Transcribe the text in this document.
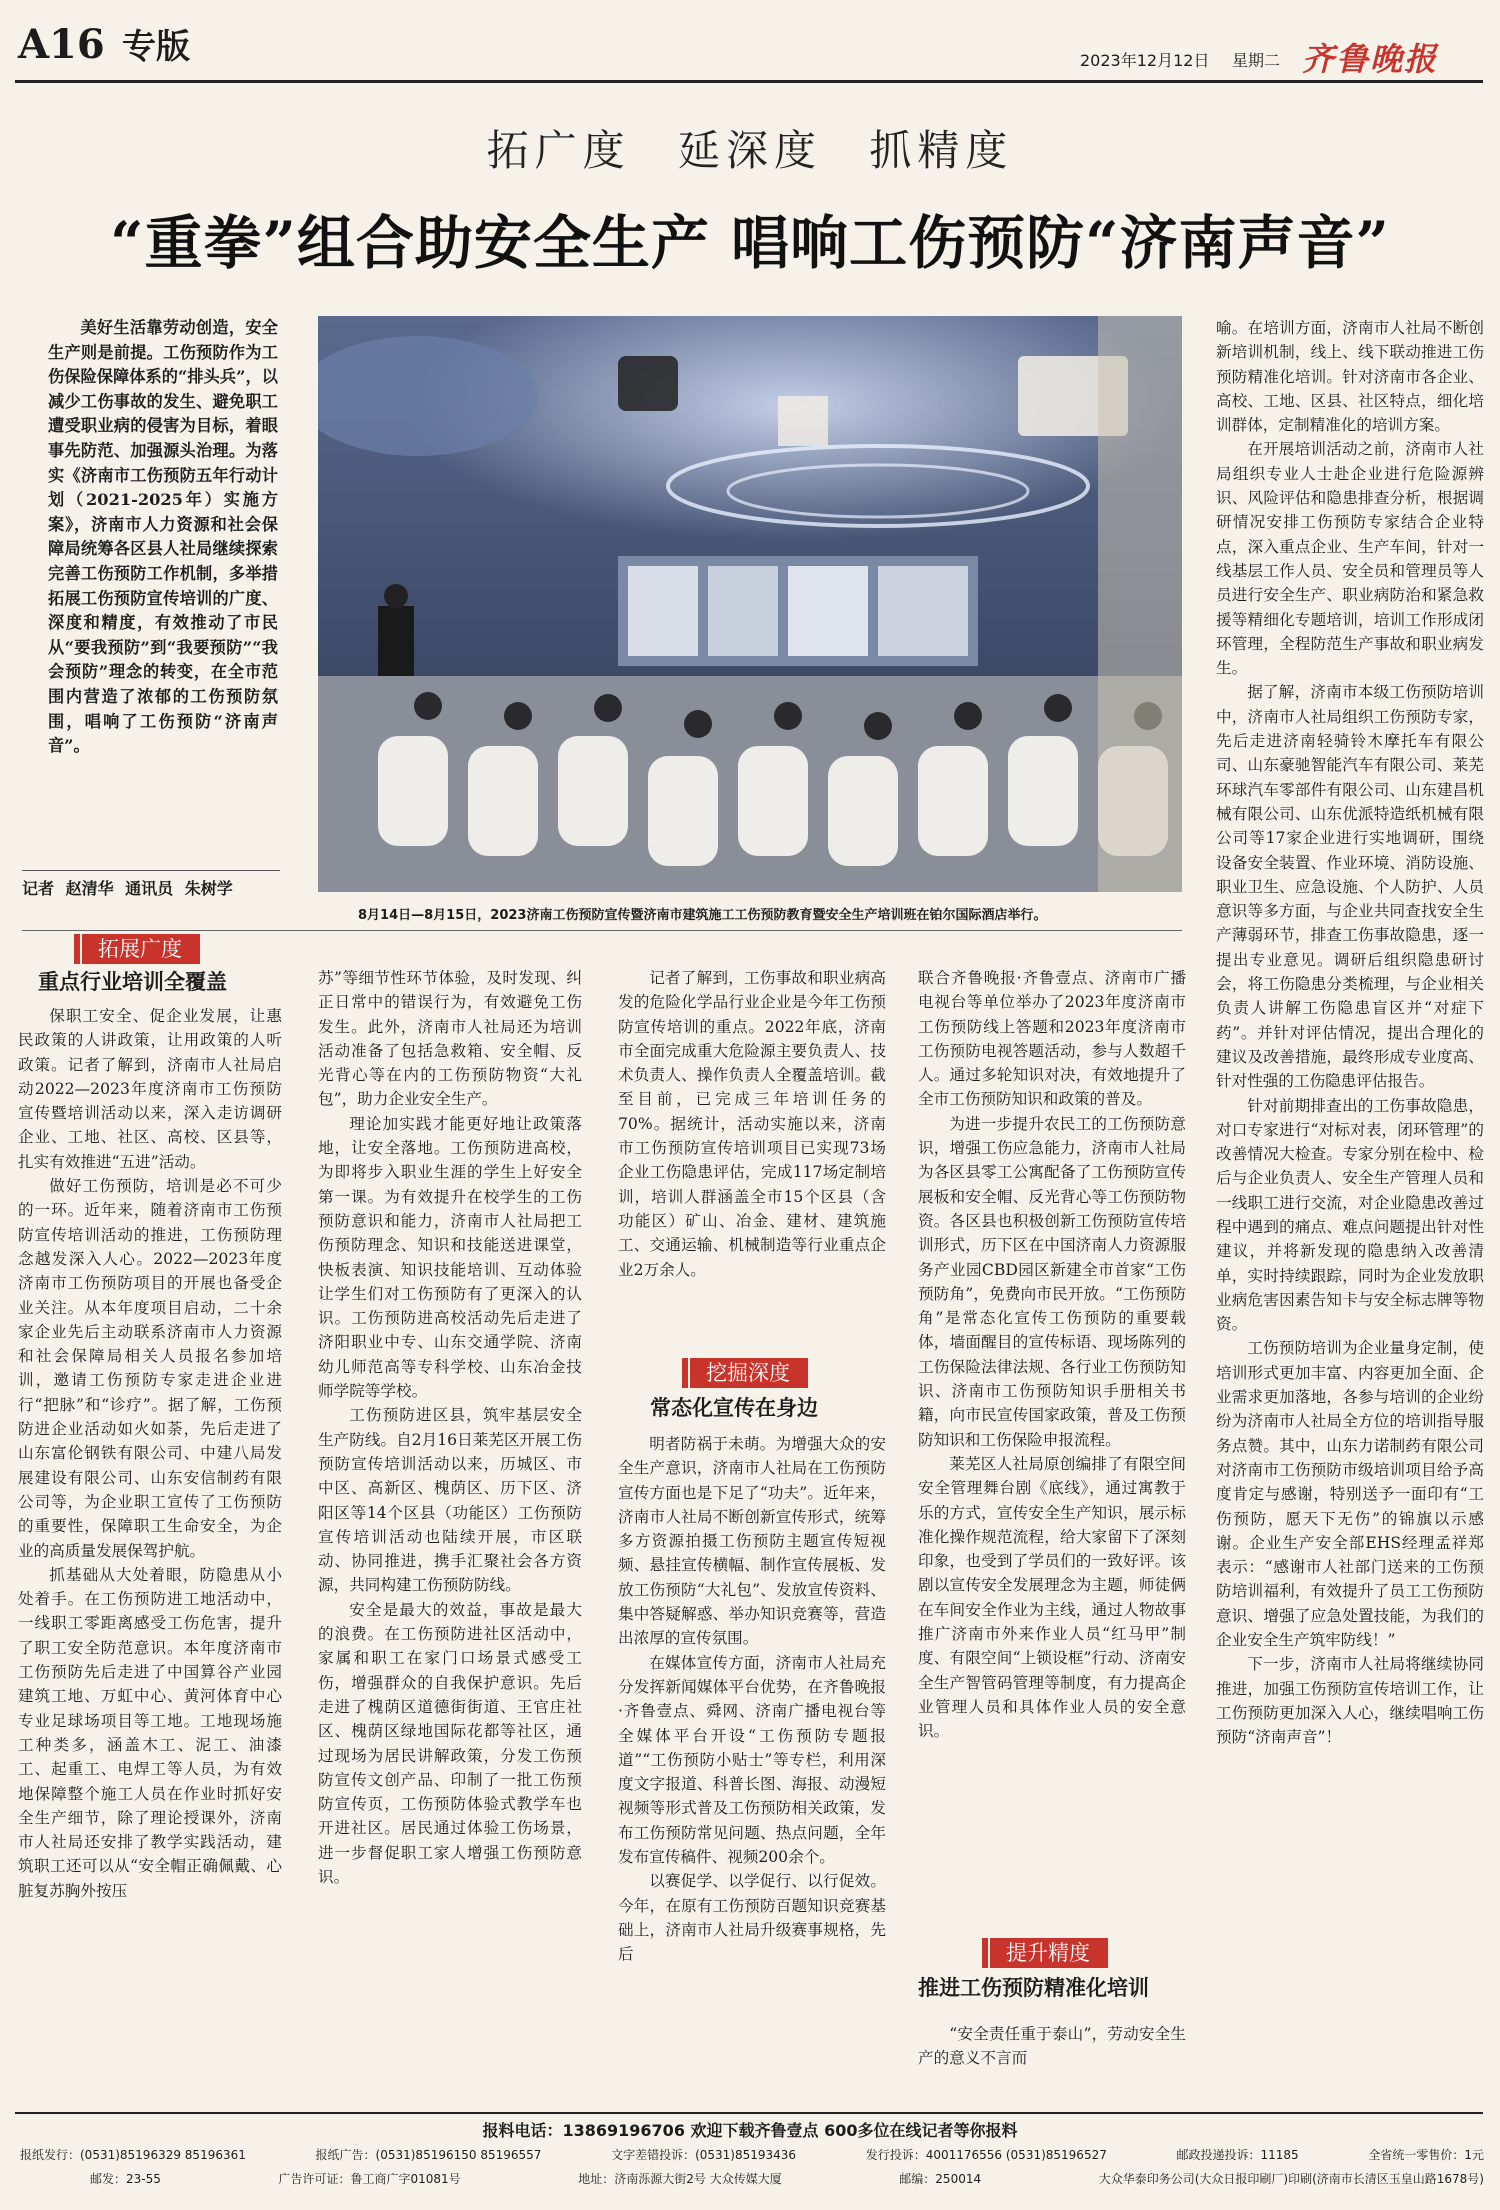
A16 专版	2023年12月12日 星期二 齐鲁晚报
拓广度 延深度 抓精度
“重拳”组合助安全生产 唱响工伤预防“济南声音”

美好生活靠劳动创造，安全生产则是前提。工伤预防作为工伤保险保障体系的“排头兵”，以减少工伤事故的发生、避免职工遭受职业病的侵害为目标，着眼事先防范、加强源头治理。为落实《济南市工伤预防五年行动计划（2021-2025年）实施方案》，济南市人力资源和社会保障局统筹各区县人社局继续探索完善工伤预防工作机制，多举措拓展工伤预防宣传培训的广度、深度和精度，有效推动了市民从“要我预防”到“我要预防”“我会预防”理念的转变，在全市范围内营造了浓郁的工伤预防氛围，唱响了工伤预防“济南声音”。

记者 赵清华 通讯员 朱树学
8月14日—8月15日，2023济南工伤预防宣传暨济南市建筑施工工伤预防教育暨安全生产培训班在铂尔国际酒店举行。
拓展广度
重点行业培训全覆盖

保职工安全、促企业发展，让惠民政策的人讲政策，让用政策的人听政策。记者了解到，济南市人社局启动2022—2023年度济南市工伤预防宣传暨培训活动以来，深入走访调研企业、工地、社区、高校、区县等，扎实有效推进“五进”活动。

做好工伤预防，培训是必不可少的一环。近年来，随着济南市工伤预防宣传培训活动的推进，工伤预防理念越发深入人心。2022—2023年度济南市工伤预防项目的开展也备受企业关注。从本年度项目启动，二十余家企业先后主动联系济南市人力资源和社会保障局相关人员报名参加培训，邀请工伤预防专家走进企业进行“把脉”和“诊疗”。据了解，工伤预防进企业活动如火如荼，先后走进了山东富伦钢铁有限公司、中建八局发展建设有限公司、山东安信制药有限公司等，为企业职工宣传了工伤预防的重要性，保障职工生命安全，为企业的高质量发展保驾护航。

抓基础从大处着眼，防隐患从小处着手。在工伤预防进工地活动中，一线职工零距离感受工伤危害，提升了职工安全防范意识。本年度济南市工伤预防先后走进了中国算谷产业园建筑工地、万虹中心、黄河体育中心专业足球场项目等工地。工地现场施工种类多，涵盖木工、泥工、油漆工、起重工、电焊工等人员，为有效地保障整个施工人员在作业时抓好安全生产细节，除了理论授课外，济南市人社局还安排了教学实践活动，建筑职工还可以从“安全帽正确佩戴、心脏复苏胸外按压

苏”等细节性环节体验，及时发现、纠正日常中的错误行为，有效避免工伤发生。此外，济南市人社局还为培训活动准备了包括急救箱、安全帽、反光背心等在内的工伤预防物资“大礼包”，助力企业安全生产。

理论加实践才能更好地让政策落地，让安全落地。工伤预防进高校，为即将步入职业生涯的学生上好安全第一课。为有效提升在校学生的工伤预防意识和能力，济南市人社局把工伤预防理念、知识和技能送进课堂，快板表演、知识技能培训、互动体验让学生们对工伤预防有了更深入的认识。工伤预防进高校活动先后走进了济阳职业中专、山东交通学院、济南幼儿师范高等专科学校、山东冶金技师学院等学校。

工伤预防进区县，筑牢基层安全生产防线。自2月16日莱芜区开展工伤预防宣传培训活动以来，历城区、市中区、高新区、槐荫区、历下区、济阳区等14个区县（功能区）工伤预防宣传培训活动也陆续开展，市区联动、协同推进，携手汇聚社会各方资源，共同构建工伤预防防线。

安全是最大的效益，事故是最大的浪费。在工伤预防进社区活动中，家属和职工在家门口场景式感受工伤，增强群众的自我保护意识。先后走进了槐荫区道德街街道、王官庄社区、槐荫区绿地国际花都等社区，通过现场为居民讲解政策，分发工伤预防宣传文创产品、印制了一批工伤预防宣传页，工伤预防体验式教学车也开进社区。居民通过体验工伤场景，进一步督促职工家人增强工伤预防意识。

记者了解到，工伤事故和职业病高发的危险化学品行业企业是今年工伤预防宣传培训的重点。2022年底，济南市全面完成重大危险源主要负责人、技术负责人、操作负责人全覆盖培训。截至目前，已完成三年培训任务的70%。据统计，活动实施以来，济南市工伤预防宣传培训项目已实现73场企业工伤隐患评估，完成117场定制培训，培训人群涵盖全市15个区县（含功能区）矿山、冶金、建材、建筑施工、交通运输、机械制造等行业重点企业2万余人。

挖掘深度
常态化宣传在身边

明者防祸于未萌。为增强大众的安全生产意识，济南市人社局在工伤预防宣传方面也是下足了“功夫”。近年来，济南市人社局不断创新宣传形式，统筹多方资源拍摄工伤预防主题宣传短视频、悬挂宣传横幅、制作宣传展板、发放工伤预防“大礼包”、发放宣传资料、集中答疑解惑、举办知识竞赛等，营造出浓厚的宣传氛围。

在媒体宣传方面，济南市人社局充分发挥新闻媒体平台优势，在齐鲁晚报·齐鲁壹点、舜网、济南广播电视台等全媒体平台开设“工伤预防专题报道”“工伤预防小贴士”等专栏，利用深度文字报道、科普长图、海报、动漫短视频等形式普及工伤预防相关政策，发布工伤预防常见问题、热点问题，全年发布宣传稿件、视频200余个。

以赛促学、以学促行、以行促效。今年，在原有工伤预防百题知识竞赛基础上，济南市人社局升级赛事规格，先后

联合齐鲁晚报·齐鲁壹点、济南市广播电视台等单位举办了2023年度济南市工伤预防线上答题和2023年度济南市工伤预防电视答题活动，参与人数超千人。通过多轮知识对决，有效地提升了全市工伤预防知识和政策的普及。

为进一步提升农民工的工伤预防意识，增强工伤应急能力，济南市人社局为各区县零工公寓配备了工伤预防宣传展板和安全帽、反光背心等工伤预防物资。各区县也积极创新工伤预防宣传培训形式，历下区在中国济南人力资源服务产业园CBD园区新建全市首家“工伤预防角”，免费向市民开放。“工伤预防角”是常态化宣传工伤预防的重要载体，墙面醒目的宣传标语、现场陈列的工伤保险法律法规、各行业工伤预防知识、济南市工伤预防知识手册相关书籍，向市民宣传国家政策，普及工伤预防知识和工伤保险申报流程。

莱芜区人社局原创编排了有限空间安全管理舞台剧《底线》，通过寓教于乐的方式，宣传安全生产知识，展示标准化操作规范流程，给大家留下了深刻印象，也受到了学员们的一致好评。该剧以宣传安全发展理念为主题，师徒俩在车间安全作业为主线，通过人物故事推广济南市外来作业人员“红马甲”制度、有限空间“上锁设框”行动、济南安全生产智管码管理等制度，有力提高企业管理人员和具体作业人员的安全意识。

提升精度
推进工伤预防精准化培训

“安全责任重于泰山”，劳动安全生产的意义不言而

喻。在培训方面，济南市人社局不断创新培训机制，线上、线下联动推进工伤预防精准化培训。针对济南市各企业、高校、工地、区县、社区特点，细化培训群体，定制精准化的培训方案。

在开展培训活动之前，济南市人社局组织专业人士赴企业进行危险源辨识、风险评估和隐患排查分析，根据调研情况安排工伤预防专家结合企业特点，深入重点企业、生产车间，针对一线基层工作人员、安全员和管理员等人员进行安全生产、职业病防治和紧急救援等精细化专题培训，培训工作形成闭环管理，全程防范生产事故和职业病发生。

据了解，济南市本级工伤预防培训中，济南市人社局组织工伤预防专家，先后走进济南轻骑铃木摩托车有限公司、山东豪驰智能汽车有限公司、莱芜环球汽车零部件有限公司、山东建昌机械有限公司、山东优派特造纸机械有限公司等17家企业进行实地调研，围绕设备安全装置、作业环境、消防设施、职业卫生、应急设施、个人防护、人员意识等多方面，与企业共同查找安全生产薄弱环节，排查工伤事故隐患，逐一提出专业意见。调研后组织隐患研讨会，将工伤隐患分类梳理，与企业相关负责人讲解工伤隐患盲区并“对症下药”。并针对评估情况，提出合理化的建议及改善措施，最终形成专业度高、针对性强的工伤隐患评估报告。

针对前期排查出的工伤事故隐患，对口专家进行“对标对表，闭环管理”的改善情况大检查。专家分别在检中、检后与企业负责人、安全生产管理人员和一线职工进行交流，对企业隐患改善过程中遇到的痛点、难点问题提出针对性建议，并将新发现的隐患纳入改善清单，实时持续跟踪，同时为企业发放职业病危害因素告知卡与安全标志牌等物资。

工伤预防培训为企业量身定制，使培训形式更加丰富、内容更加全面、企业需求更加落地，各参与培训的企业纷纷为济南市人社局全方位的培训指导服务点赞。其中，山东力诺制药有限公司对济南市工伤预防市级培训项目给予高度肯定与感谢，特别送予一面印有“工伤预防，愿天下无伤”的锦旗以示感谢。企业生产安全部EHS经理孟祥郑表示：“感谢市人社部门送来的工伤预防培训福利，有效提升了员工工伤预防意识、增强了应急处置技能，为我们的企业安全生产筑牢防线！”

下一步，济南市人社局将继续协同推进，加强工伤预防宣传培训工作，让工伤预防更加深入人心，继续唱响工伤预防“济南声音”！

报料电话：13869196706 欢迎下载齐鲁壹点 600多位在线记者等你报料
报纸发行：(0531)85196329 85196361	报纸广告：(0531)85196150 85196557	文字差错投诉：(0531)85193436	发行投诉：4001176556 (0531)85196527	邮政投递投诉：11185	全省统一零售价：1元
邮发：23-55	广告许可证：鲁工商广字01081号	地址：济南泺源大街2号 大众传媒大厦	邮编：250014	大众华泰印务公司(大众日报印刷厂)印刷(济南市长清区玉皇山路1678号)
